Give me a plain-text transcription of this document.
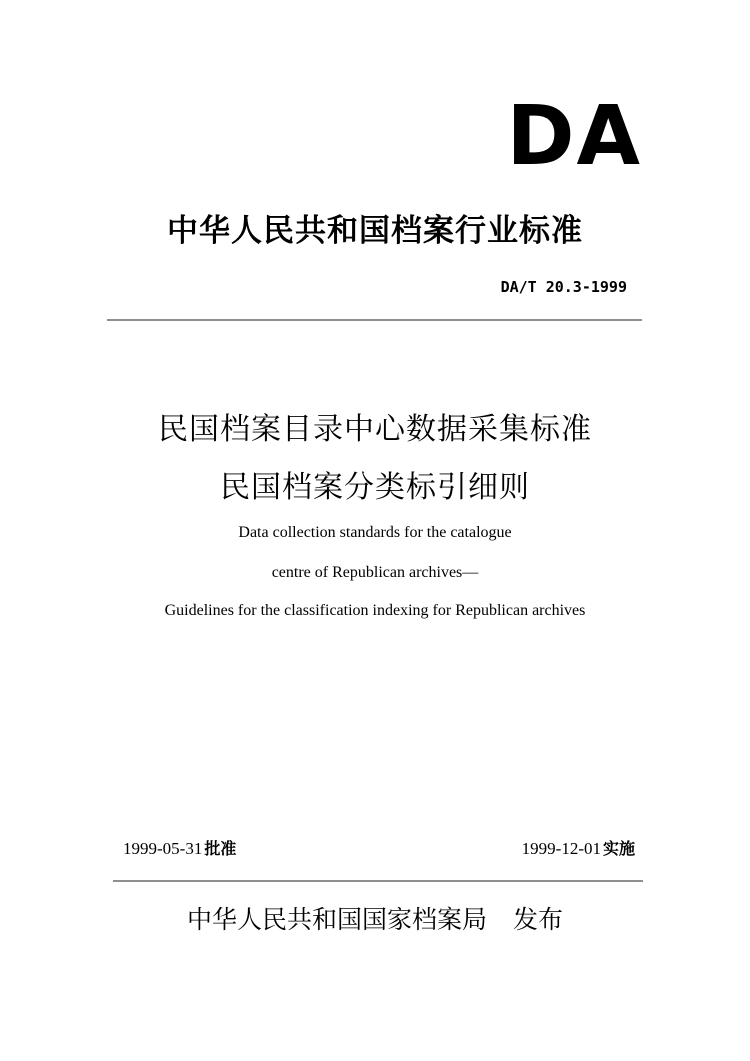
DA
中华人民共和国档案行业标准
DA/T 20.3-1999
民国档案目录中心数据采集标准
民国档案分类标引细则
Data collection standards for the catalogue
centre of Republican archives—
Guidelines for the classification indexing for Republican archives
1999-05-31 批准	1999-12-01 实施
中华人民共和国国家档案局 发布
